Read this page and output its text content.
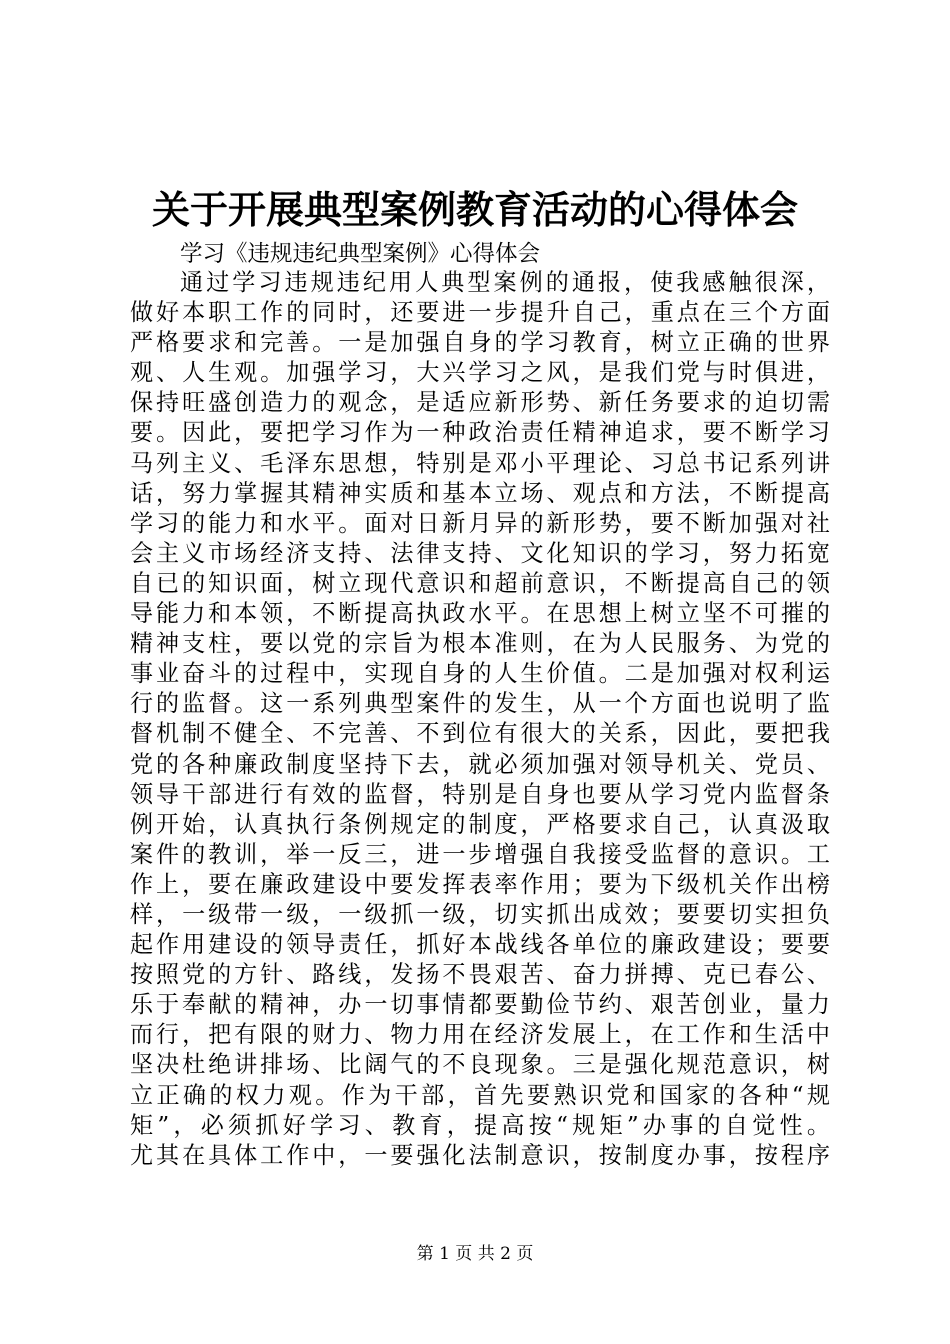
关于开展典型案例教育活动的心得体会
学习《违规违纪典型案例》心得体会
通过学习违规违纪用人典型案例的通报，使我感触很深，
做好本职工作的同时，还要进一步提升自己，重点在三个方面
严格要求和完善。一是加强自身的学习教育，树立正确的世界
观、人生观。加强学习，大兴学习之风，是我们党与时俱进，
保持旺盛创造力的观念，是适应新形势、新任务要求的迫切需
要。因此，要把学习作为一种政治责任精神追求，要不断学习
马列主义、毛泽东思想，特别是邓小平理论、习总书记系列讲
话，努力掌握其精神实质和基本立场、观点和方法，不断提高
学习的能力和水平。面对日新月异的新形势，要不断加强对社
会主义市场经济支持、法律支持、文化知识的学习，努力拓宽
自已的知识面，树立现代意识和超前意识，不断提高自己的领
导能力和本领，不断提高执政水平。在思想上树立坚不可摧的
精神支柱，要以党的宗旨为根本准则，在为人民服务、为党的
事业奋斗的过程中，实现自身的人生价值。二是加强对权利运
行的监督。这一系列典型案件的发生，从一个方面也说明了监
督机制不健全、不完善、不到位有很大的关系，因此，要把我
党的各种廉政制度坚持下去，就必须加强对领导机关、党员、
领导干部进行有效的监督，特别是自身也要从学习党内监督条
例开始，认真执行条例规定的制度，严格要求自己，认真汲取
案件的教训，举一反三，进一步增强自我接受监督的意识。工
作上，要在廉政建设中要发挥表率作用；要为下级机关作出榜
样，一级带一级，一级抓一级，切实抓出成效；要要切实担负
起作用建设的领导责任，抓好本战线各单位的廉政建设；要要
按照党的方针、路线，发扬不畏艰苦、奋力拼搏、克已春公、
乐于奉献的精神，办一切事情都要勤俭节约、艰苦创业，量力
而行，把有限的财力、物力用在经济发展上，在工作和生活中
坚决杜绝讲排场、比阔气的不良现象。三是强化规范意识，树
立正确的权力观。作为干部，首先要熟识党和国家的各种“规
矩”，必须抓好学习、教育，提高按“规矩”办事的自觉性。
尤其在具体工作中，一要强化法制意识，按制度办事，按程序
第 1 页 共 2 页
